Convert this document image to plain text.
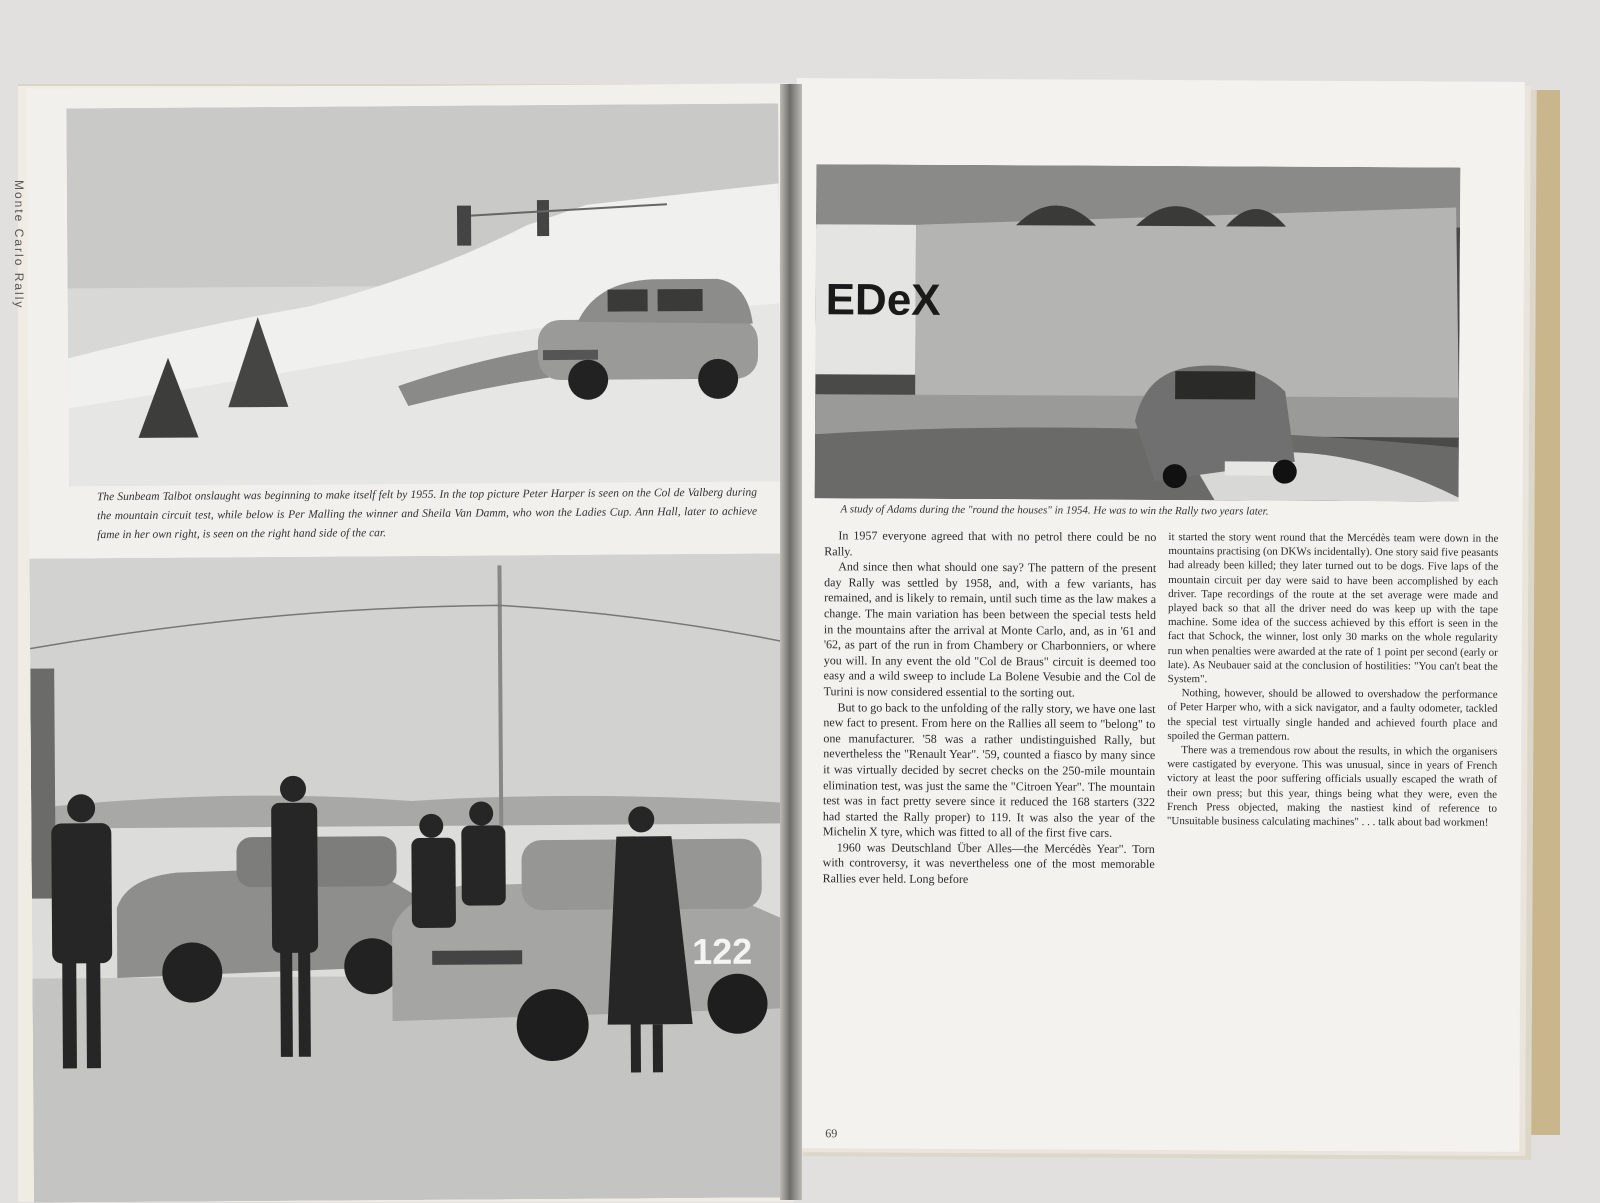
The Sunbeam Talbot onslaught was beginning to make itself felt by 1955. In the top picture Peter Harper is seen on the Col de Valberg during the mountain circuit test, while below is Per Malling the winner and Sheila Van Damm, who won the Ladies Cup. Ann Hall, later to achieve fame in her own right, is seen on the right hand side of the car.
122
Monte Carlo Rally	EDeX
A study of Adams during the "round the houses" in 1954. He was to win the Rally two years later.

In 1957 everyone agreed that with no petrol there could be no Rally.

And since then what should one say? The pattern of the present day Rally was settled by 1958, and, with a few variants, has remained, and is likely to remain, until such time as the law makes a change. The main variation has been between the special tests held in the mountains after the arrival at Monte Carlo, and, as in '61 and '62, as part of the run in from Chambery or Charbonniers, or where you will. In any event the old "Col de Braus" circuit is deemed too easy and a wild sweep to include La Bolene Vesubie and the Col de Turini is now considered essential to the sorting out.

But to go back to the unfolding of the rally story, we have one last new fact to present. From here on the Rallies all seem to "belong" to one manufacturer. '58 was a rather undistinguished Rally, but nevertheless the "Renault Year". '59, counted a fiasco by many since it was virtually decided by secret checks on the 250-mile mountain elimination test, was just the same the "Citroen Year". The mountain test was in fact pretty severe since it reduced the 168 starters (322 had started the Rally proper) to 119. It was also the year of the Michelin X tyre, which was fitted to all of the first five cars.

1960 was Deutschland Über Alles—the Mercédès Year". Torn with controversy, it was nevertheless one of the most memorable Rallies ever held. Long before

it started the story went round that the Mercédès team were down in the mountains practising (on DKWs incidentally). One story said five peasants had already been killed; they later turned out to be dogs. Five laps of the mountain circuit per day were said to have been accomplished by each driver. Tape recordings of the route at the set average were made and played back so that all the driver need do was keep up with the tape machine. Some idea of the success achieved by this effort is seen in the fact that Schock, the winner, lost only 30 marks on the whole regularity run when penalties were awarded at the rate of 1 point per second (early or late). As Neubauer said at the conclusion of hostilities: "You can't beat the System".

Nothing, however, should be allowed to overshadow the performance of Peter Harper who, with a sick navigator, and a faulty odometer, tackled the special test virtually single handed and achieved fourth place and spoiled the German pattern.

There was a tremendous row about the results, in which the organisers were castigated by everyone. This was unusual, since in years of French victory at least the poor suffering officials usually escaped the wrath of their own press; but this year, things being what they were, even the French Press objected, making the nastiest kind of reference to "Unsuitable business calculating machines" . . . talk about bad workmen!

69
